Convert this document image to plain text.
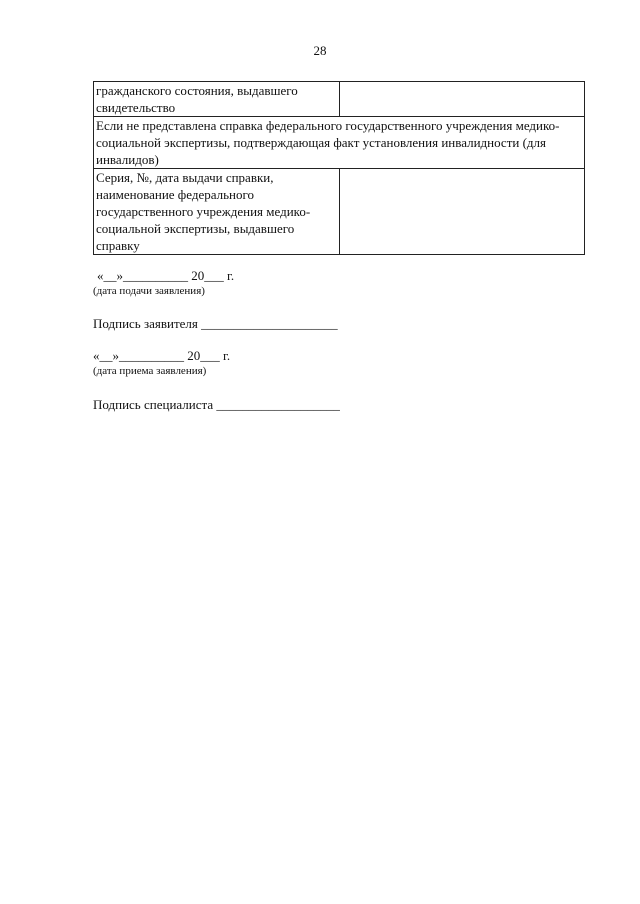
28
гражданского состояния, выдавшего свидетельство	
Если не представлена справка федерального государственного учреждения медико-социальной экспертизы, подтверждающая факт установления инвалидности (для инвалидов)	
Серия, №, дата выдачи справки, наименование федерального государственного учреждения медико-социальной экспертизы, выдавшего справку	
«__»__________ 20___ г.
(дата подачи заявления)
Подпись заявителя _____________________
«__»__________ 20___ г.
(дата приема заявления)
Подпись специалиста ___________________
